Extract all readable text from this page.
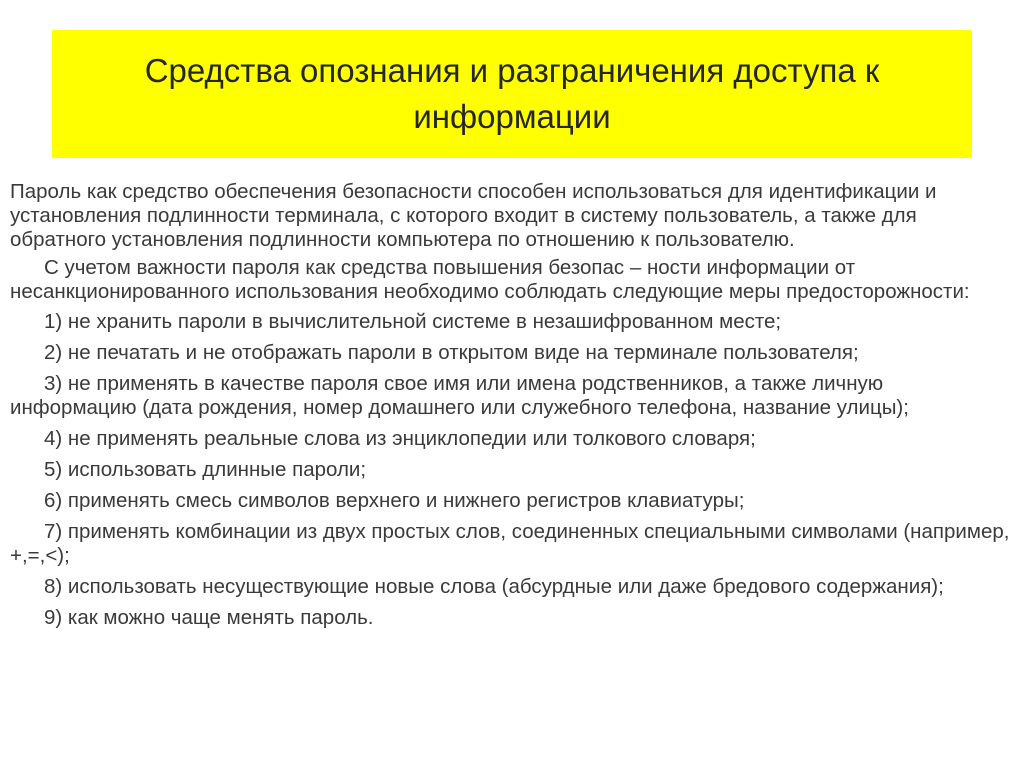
Средства опознания и разграничения доступа к информации

Пароль как средство обеспечения безопасности способен использоваться для идентификации и установления подлинности терминала, с которого входит в систему пользователь, а также для обратного установления подлинности компьютера по отношению к пользователю.

С учетом важности пароля как средства повышения безопас – ности информации от несанкционированного использования необходимо соблюдать следующие меры предосторожности:

1) не хранить пароли в вычислительной системе в незашифрованном месте;

2) не печатать и не отображать пароли в открытом виде на терминале пользователя;

3) не применять в качестве пароля свое имя или имена родственников, а также личную информацию (дата рождения, номер домашнего или служебного телефона, название улицы);

4) не применять реальные слова из энциклопедии или толкового словаря;

5) использовать длинные пароли;

6) применять смесь символов верхнего и нижнего регистров клавиатуры;

7) применять комбинации из двух простых слов, соединенных специальными символами (например, +,=,<);

8) использовать несуществующие новые слова (абсурдные или даже бредового содержания);

9) как можно чаще менять пароль.
